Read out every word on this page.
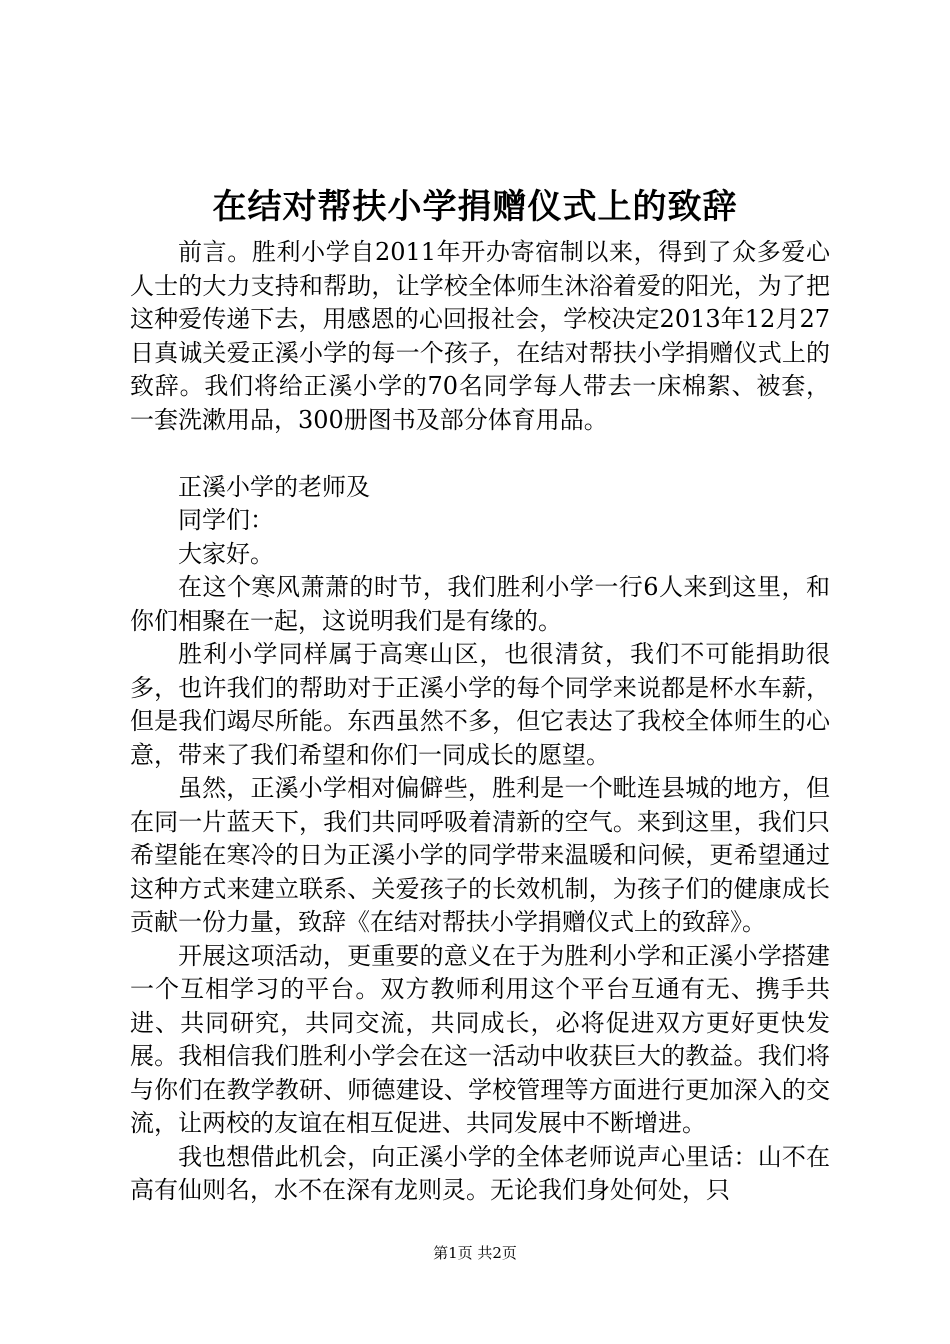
在结对帮扶小学捐赠仪式上的致辞

前言。胜利小学自2011年开办寄宿制以来，得到了众多爱心人士的大力支持和帮助，让学校全体师生沐浴着爱的阳光，为了把这种爱传递下去，用感恩的心回报社会，学校决定2013年12月27日真诚关爱正溪小学的每一个孩子，在结对帮扶小学捐赠仪式上的致辞。我们将给正溪小学的70名同学每人带去一床棉絮、被套，一套洗漱用品，300册图书及部分体育用品。

正溪小学的老师及

同学们：

大家好。

在这个寒风萧萧的时节，我们胜利小学一行6人来到这里，和你们相聚在一起，这说明我们是有缘的。

胜利小学同样属于高寒山区，也很清贫，我们不可能捐助很多，也许我们的帮助对于正溪小学的每个同学来说都是杯水车薪，但是我们竭尽所能。东西虽然不多，但它表达了我校全体师生的心意，带来了我们希望和你们一同成长的愿望。

虽然，正溪小学相对偏僻些，胜利是一个毗连县城的地方，但在同一片蓝天下，我们共同呼吸着清新的空气。来到这里，我们只希望能在寒冷的日为正溪小学的同学带来温暖和问候，更希望通过这种方式来建立联系、关爱孩子的长效机制，为孩子们的健康成长贡献一份力量，致辞《在结对帮扶小学捐赠仪式上的致辞》。

开展这项活动，更重要的意义在于为胜利小学和正溪小学搭建一个互相学习的平台。双方教师利用这个平台互通有无、携手共进、共同研究，共同交流，共同成长，必将促进双方更好更快发展。我相信我们胜利小学会在这一活动中收获巨大的教益。我们将与你们在教学教研、师德建设、学校管理等方面进行更加深入的交流，让两校的友谊在相互促进、共同发展中不断增进。

我也想借此机会，向正溪小学的全体老师说声心里话：山不在高有仙则名，水不在深有龙则灵。无论我们身处何处，只

第1页 共2页
